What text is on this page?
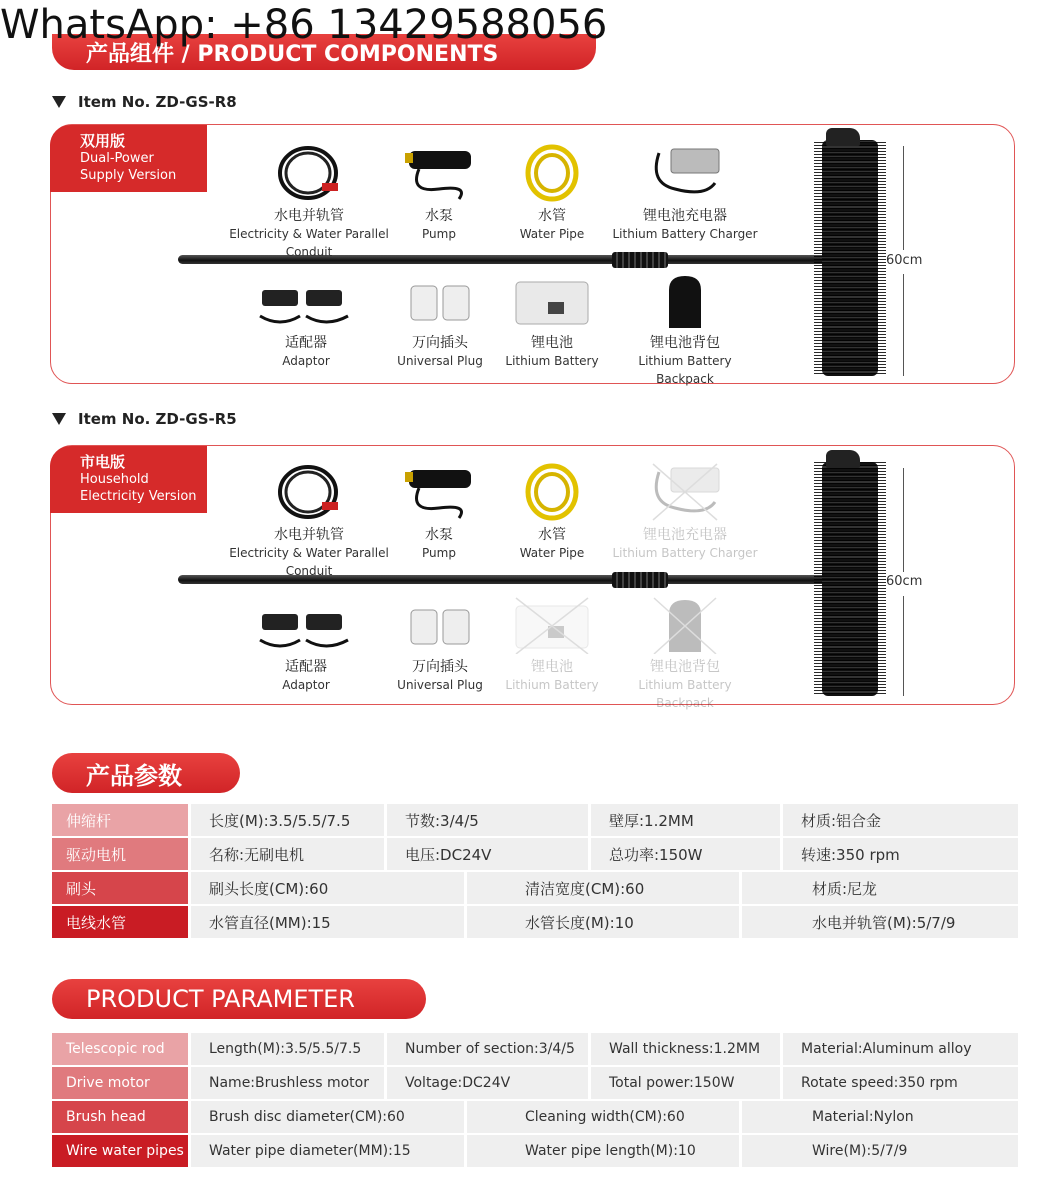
产品组件 / PRODUCT COMPONENTS
WhatsApp: +86 13429588056
Item No. ZD-GS-R8
双用版
Dual-Power
Supply Version
60cm
水电并轨管
Electricity & Water Parallel Conduit
水泵
Pump
水管
Water Pipe
锂电池充电器
Lithium Battery Charger
适配器
Adaptor
万向插头
Universal Plug
锂电池
Lithium Battery
锂电池背包
Lithium Battery Backpack
Item No. ZD-GS-R5
市电版
Household
Electricity Version
60cm
水电并轨管
Electricity & Water Parallel Conduit
水泵
Pump
水管
Water Pipe
锂电池充电器
Lithium Battery Charger
适配器
Adaptor
万向插头
Universal Plug
锂电池
Lithium Battery
锂电池背包
Lithium Battery Backpack
产品参数
伸缩杆	长度(M):3.5/5.5/7.5	节数:3/4/5	壁厚:1.2MM	材质:铝合金
驱动电机	名称:无刷电机	电压:DC24V	总功率:150W	转速:350 rpm
刷头	刷头长度(CM):60	清洁宽度(CM):60	材质:尼龙
电线水管	水管直径(MM):15	水管长度(M):10	水电并轨管(M):5/7/9
PRODUCT PARAMETER
Telescopic rod	Length(M):3.5/5.5/7.5	Number of section:3/4/5	Wall thickness:1.2MM	Material:Aluminum alloy
Drive motor	Name:Brushless motor	Voltage:DC24V	Total power:150W	Rotate speed:350 rpm
Brush head	Brush disc diameter(CM):60	Cleaning width(CM):60	Material:Nylon
Wire water pipes	Water pipe diameter(MM):15	Water pipe length(M):10	Wire(M):5/7/9
